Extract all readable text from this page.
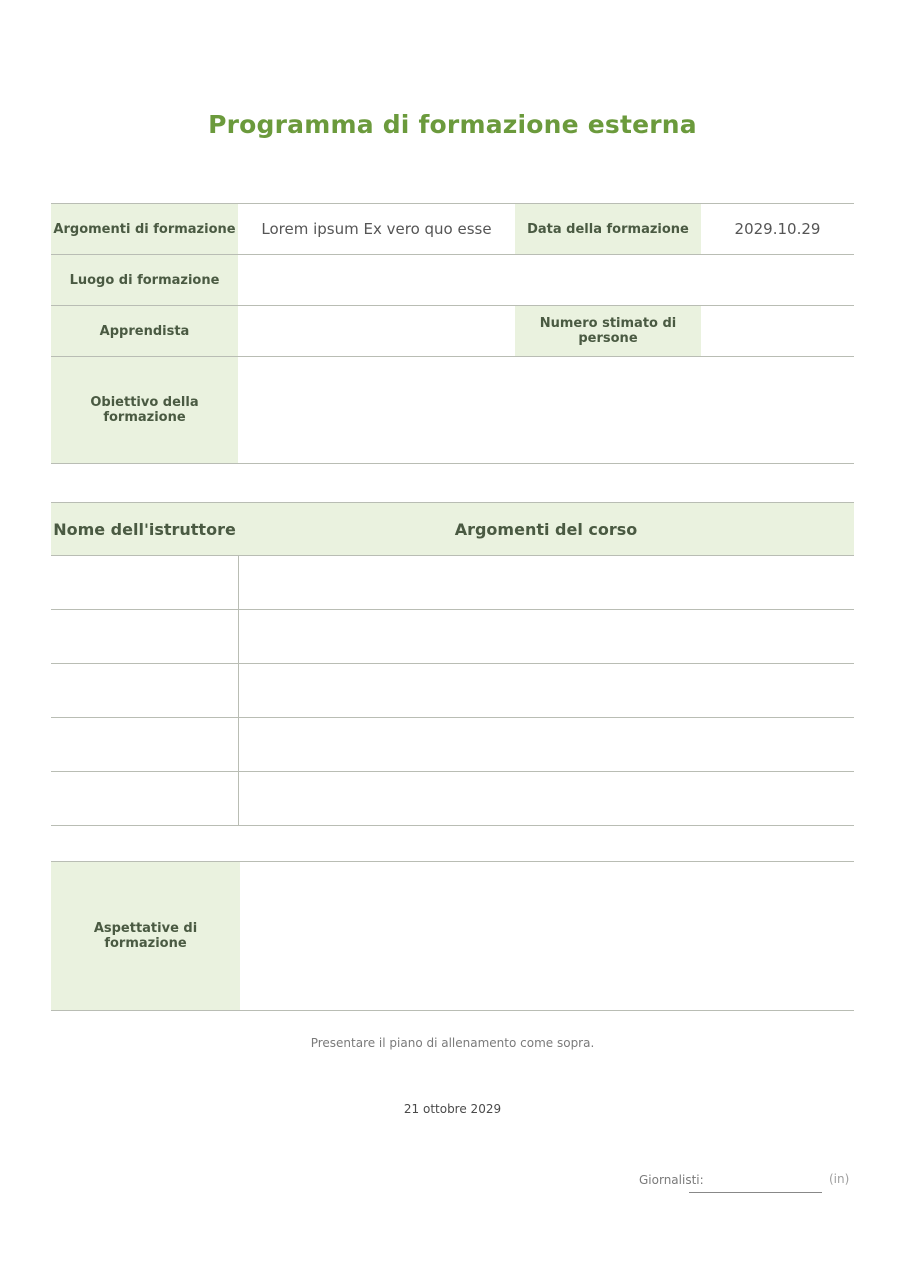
Programma di formazione esterna
Argomenti di formazione	Lorem ipsum Ex vero quo esse	Data della formazione	2029.10.29
Luogo di formazione			
Apprendista		Numero stimato di persone	
Obiettivo della formazione			
Nome dell'istruttore	Argomenti del corso

Aspettative di formazione	
Presentare il piano di allenamento come sopra.
21 ottobre 2029
Giornalisti:	(in)
